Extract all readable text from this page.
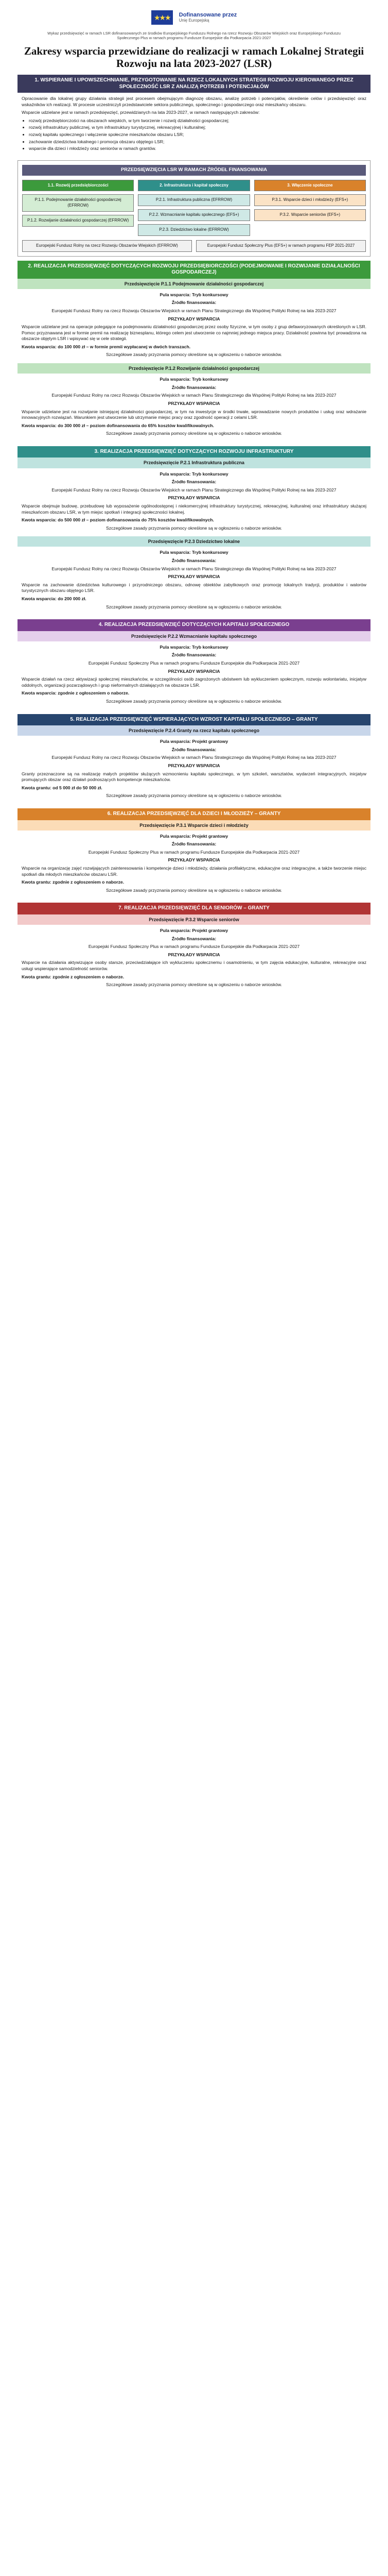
★★★	Dofinansowane przez
Unię Europejską
Wykaz przedsięwzięć w ramach LSR dofinansowanych ze środków Europejskiego Funduszu Rolnego na rzecz Rozwoju Obszarów Wiejskich oraz Europejskiego Funduszu Społecznego Plus w ramach programu Fundusze Europejskie dla Podkarpacia 2021-2027
Zakresy wsparcia przewidziane do realizacji w ramach Lokalnej Strategii Rozwoju na lata 2023-2027 (LSR)
1. WSPIERANIE I UPOWSZECHNIANIE, PRZYGOTOWANIE NA RZECZ LOKALNYCH STRATEGII ROZWOJU KIEROWANEGO PRZEZ SPOŁECZNOŚĆ LSR Z ANALIZĄ POTRZEB I POTENCJAŁÓW

Opracowanie dla lokalnej grupy działania strategii jest procesem obejmującym diagnozę obszaru, analizę potrzeb i potencjałów, określenie celów i przedsięwzięć oraz wskaźników ich realizacji. W procesie uczestniczyli przedstawiciele sektora publicznego, społecznego i gospodarczego oraz mieszkańcy obszaru.

Wsparcie udzielane jest w ramach przedsięwzięć, przewidzianych na lata 2023-2027, w ramach następujących zakresów:

• rozwój przedsiębiorczości na obszarach wiejskich, w tym tworzenie i rozwój działalności gospodarczej;
• rozwój infrastruktury publicznej, w tym infrastruktury turystycznej, rekreacyjnej i kulturalnej;
• rozwój kapitału społecznego i włączenie społeczne mieszkańców obszaru LSR;
• zachowanie dziedzictwa lokalnego i promocja obszaru objętego LSR;
• wsparcie dla dzieci i młodzieży oraz seniorów w ramach grantów.
PRZEDSIĘWZIĘCIA LSR W RAMACH ŹRÓDEŁ FINANSOWANIA
1.1. Rozwój przedsiębiorczości
P.1.1. Podejmowanie działalności gospodarczej (EFRROW)
P.1.2. Rozwijanie działalności gospodarczej (EFRROW)
2. Infrastruktura i kapitał społeczny
P.2.1. Infrastruktura publiczna (EFRROW)
P.2.2. Wzmacnianie kapitału społecznego (EFS+)
P.2.3. Dziedzictwo lokalne (EFRROW)
3. Włączenie społeczne
P.3.1. Wsparcie dzieci i młodzieży (EFS+)
P.3.2. Wsparcie seniorów (EFS+)
Europejski Fundusz Rolny na rzecz Rozwoju Obszarów Wiejskich (EFRROW)	Europejski Fundusz Społeczny Plus (EFS+) w ramach programu FEP 2021-2027
2. REALIZACJA PRZEDSIĘWZIĘĆ DOTYCZĄCYCH ROZWOJU PRZEDSIĘBIORCZOŚCI (PODEJMOWANIE I ROZWIJANIE DZIAŁALNOŚCI GOSPODARCZEJ)
Przedsięwzięcie P.1.1 Podejmowanie działalności gospodarczej

Pula wsparcia: Tryb konkursowy

Źródło finansowania:

Europejski Fundusz Rolny na rzecz Rozwoju Obszarów Wiejskich w ramach Planu Strategicznego dla Wspólnej Polityki Rolnej na lata 2023-2027

PRZYKŁADY WSPARCIA

Wsparcie udzielane jest na operacje polegające na podejmowaniu działalności gospodarczej przez osoby fizyczne, w tym osoby z grup defaworyzowanych określonych w LSR. Pomoc przyznawana jest w formie premii na realizację biznesplanu, którego celem jest utworzenie co najmniej jednego miejsca pracy. Działalność powinna być prowadzona na obszarze objętym LSR i wpisywać się w cele strategii.

Kwota wsparcia: do 100 000 zł – w formie premii wypłacanej w dwóch transzach.

Szczegółowe zasady przyznania pomocy określone są w ogłoszeniu o naborze wniosków.

Przedsięwzięcie P.1.2 Rozwijanie działalności gospodarczej

Pula wsparcia: Tryb konkursowy

Źródło finansowania:

Europejski Fundusz Rolny na rzecz Rozwoju Obszarów Wiejskich w ramach Planu Strategicznego dla Wspólnej Polityki Rolnej na lata 2023-2027

PRZYKŁADY WSPARCIA

Wsparcie udzielane jest na rozwijanie istniejącej działalności gospodarczej, w tym na inwestycje w środki trwałe, wprowadzanie nowych produktów i usług oraz wdrażanie innowacyjnych rozwiązań. Warunkiem jest utworzenie lub utrzymanie miejsc pracy oraz zgodność operacji z celami LSR.

Kwota wsparcia: do 300 000 zł – poziom dofinansowania do 65% kosztów kwalifikowalnych.

Szczegółowe zasady przyznania pomocy określone są w ogłoszeniu o naborze wniosków.

3. REALIZACJA PRZEDSIĘWZIĘĆ DOTYCZĄCYCH ROZWOJU INFRASTRUKTURY
Przedsięwzięcie P.2.1 Infrastruktura publiczna

Pula wsparcia: Tryb konkursowy

Źródło finansowania:

Europejski Fundusz Rolny na rzecz Rozwoju Obszarów Wiejskich w ramach Planu Strategicznego dla Wspólnej Polityki Rolnej na lata 2023-2027

PRZYKŁADY WSPARCIA

Wsparcie obejmuje budowę, przebudowę lub wyposażenie ogólnodostępnej i niekomercyjnej infrastruktury turystycznej, rekreacyjnej, kulturalnej oraz infrastruktury służącej mieszkańcom obszaru LSR, w tym miejsc spotkań i integracji społeczności lokalnej.

Kwota wsparcia: do 500 000 zł – poziom dofinansowania do 75% kosztów kwalifikowalnych.

Szczegółowe zasady przyznania pomocy określone są w ogłoszeniu o naborze wniosków.

Przedsięwzięcie P.2.3 Dziedzictwo lokalne

Pula wsparcia: Tryb konkursowy

Źródło finansowania:

Europejski Fundusz Rolny na rzecz Rozwoju Obszarów Wiejskich w ramach Planu Strategicznego dla Wspólnej Polityki Rolnej na lata 2023-2027

PRZYKŁADY WSPARCIA

Wsparcie na zachowanie dziedzictwa kulturowego i przyrodniczego obszaru, odnowę obiektów zabytkowych oraz promocję lokalnych tradycji, produktów i walorów turystycznych obszaru objętego LSR.

Kwota wsparcia: do 200 000 zł.

Szczegółowe zasady przyznania pomocy określone są w ogłoszeniu o naborze wniosków.

4. REALIZACJA PRZEDSIĘWZIĘĆ DOTYCZĄCYCH KAPITAŁU SPOŁECZNEGO
Przedsięwzięcie P.2.2 Wzmacnianie kapitału społecznego

Pula wsparcia: Tryb konkursowy

Źródło finansowania:

Europejski Fundusz Społeczny Plus w ramach programu Fundusze Europejskie dla Podkarpacia 2021-2027

PRZYKŁADY WSPARCIA

Wsparcie działań na rzecz aktywizacji społecznej mieszkańców, w szczególności osób zagrożonych ubóstwem lub wykluczeniem społecznym, rozwoju wolontariatu, inicjatyw oddolnych, organizacji pozarządowych i grup nieformalnych działających na obszarze LSR.

Kwota wsparcia: zgodnie z ogłoszeniem o naborze.

Szczegółowe zasady przyznania pomocy określone są w ogłoszeniu o naborze wniosków.

5. REALIZACJA PRZEDSIĘWZIĘĆ WSPIERAJĄCYCH WZROST KAPITAŁU SPOŁECZNEGO – GRANTY
Przedsięwzięcie P.2.4 Granty na rzecz kapitału społecznego

Pula wsparcia: Projekt grantowy

Źródło finansowania:

Europejski Fundusz Rolny na rzecz Rozwoju Obszarów Wiejskich w ramach Planu Strategicznego dla Wspólnej Polityki Rolnej na lata 2023-2027

PRZYKŁADY WSPARCIA

Granty przeznaczone są na realizację małych projektów służących wzmocnieniu kapitału społecznego, w tym szkoleń, warsztatów, wydarzeń integracyjnych, inicjatyw promujących obszar oraz działań podnoszących kompetencje mieszkańców.

Kwota grantu: od 5 000 zł do 50 000 zł.

Szczegółowe zasady przyznania pomocy określone są w ogłoszeniu o naborze wniosków.

6. REALIZACJA PRZEDSIĘWZIĘĆ DLA DZIECI I MŁODZIEŻY – GRANTY
Przedsięwzięcie P.3.1 Wsparcie dzieci i młodzieży

Pula wsparcia: Projekt grantowy

Źródło finansowania:

Europejski Fundusz Społeczny Plus w ramach programu Fundusze Europejskie dla Podkarpacia 2021-2027

PRZYKŁADY WSPARCIA

Wsparcie na organizację zajęć rozwijających zainteresowania i kompetencje dzieci i młodzieży, działania profilaktyczne, edukacyjne oraz integracyjne, a także tworzenie miejsc spotkań dla młodych mieszkańców obszaru LSR.

Kwota grantu: zgodnie z ogłoszeniem o naborze.

Szczegółowe zasady przyznania pomocy określone są w ogłoszeniu o naborze wniosków.

7. REALIZACJA PRZEDSIĘWZIĘĆ DLA SENIORÓW – GRANTY
Przedsięwzięcie P.3.2 Wsparcie seniorów

Pula wsparcia: Projekt grantowy

Źródło finansowania:

Europejski Fundusz Społeczny Plus w ramach programu Fundusze Europejskie dla Podkarpacia 2021-2027

PRZYKŁADY WSPARCIA

Wsparcie na działania aktywizujące osoby starsze, przeciwdziałające ich wykluczeniu społecznemu i osamotnieniu, w tym zajęcia edukacyjne, kulturalne, rekreacyjne oraz usługi wspierające samodzielność seniorów.

Kwota grantu: zgodnie z ogłoszeniem o naborze.

Szczegółowe zasady przyznania pomocy określone są w ogłoszeniu o naborze wniosków.
